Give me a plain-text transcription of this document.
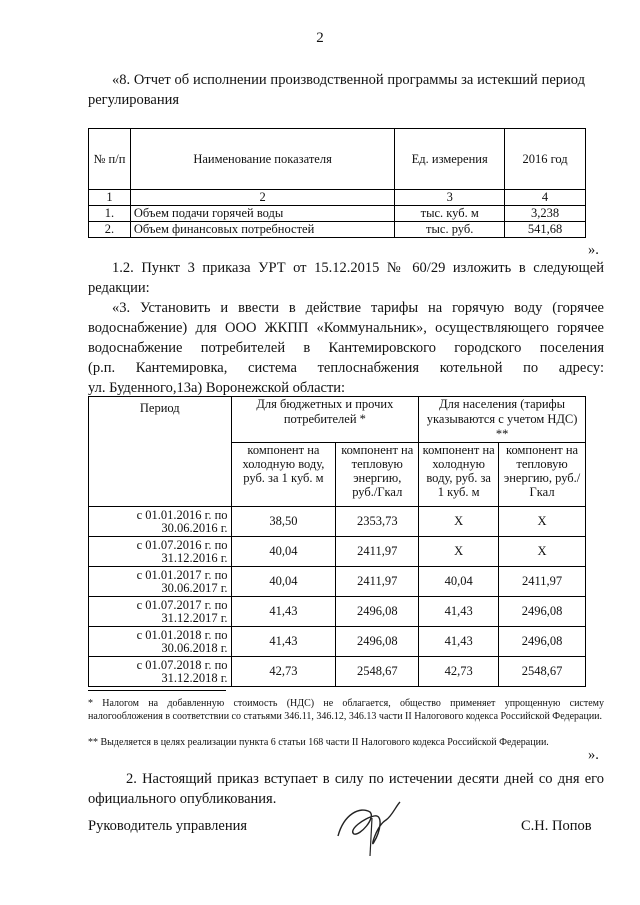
2

«8. Отчет об исполнении производственной программы за истекший период

регулирования

№ п/п	Наименование показателя	Ед. измерения	2016 год
1	2	3	4
1.	Объем подачи горячей воды	тыс. куб. м	3,238
2.	Объем финансовых потребностей	тыс. руб.	541,68
».

1.2. Пункт 3 приказа УРТ от 15.12.2015 № 60/29 изложить в следующей

редакции:

«3. Установить и ввести в действие тарифы на горячую воду (горячее

водоснабжение) для ООО ЖКПП «Коммунальник», осуществляющего горячее

водоснабжение потребителей в Кантемировского городского поселения

(р.п. Кантемировка, система теплоснабжения котельной по адресу:

ул. Буденного,13а) Воронежской области:

Период	Для бюджетных и прочих потребителей *		Для населения (тарифы указываются с учетом НДС) **	
	компонент на холодную воду, руб. за 1 куб. м	компонент на тепловую энергию, руб./Гкал	компонент на холодную воду, руб. за 1 куб. м	компонент на тепловую энергию, руб./Гкал
с 01.01.2016 г. по
30.06.2016 г.	38,50	2353,73	Х	Х
с 01.07.2016 г. по
31.12.2016 г.	40,04	2411,97	Х	Х
с 01.01.2017 г. по
30.06.2017 г.	40,04	2411,97	40,04	2411,97
с 01.07.2017 г. по
31.12.2017 г.	41,43	2496,08	41,43	2496,08
с 01.01.2018 г. по
30.06.2018 г.	41,43	2496,08	41,43	2496,08
с 01.07.2018 г. по
31.12.2018 г.	42,73	2548,67	42,73	2548,67

* Налогом на добавленную стоимость (НДС) не облагается, общество применяет упрощенную систему налогообложения в соответствии со статьями 346.11, 346.12, 346.13 части II Налогового кодекса Российской Федерации.

** Выделяется в целях реализации пункта 6 статьи 168 части II Налогового кодекса Российской Федерации.

».

2. Настоящий приказ вступает в силу по истечении десяти дней со дня его

официального опубликования.

Руководитель управления	С.Н. Попов
